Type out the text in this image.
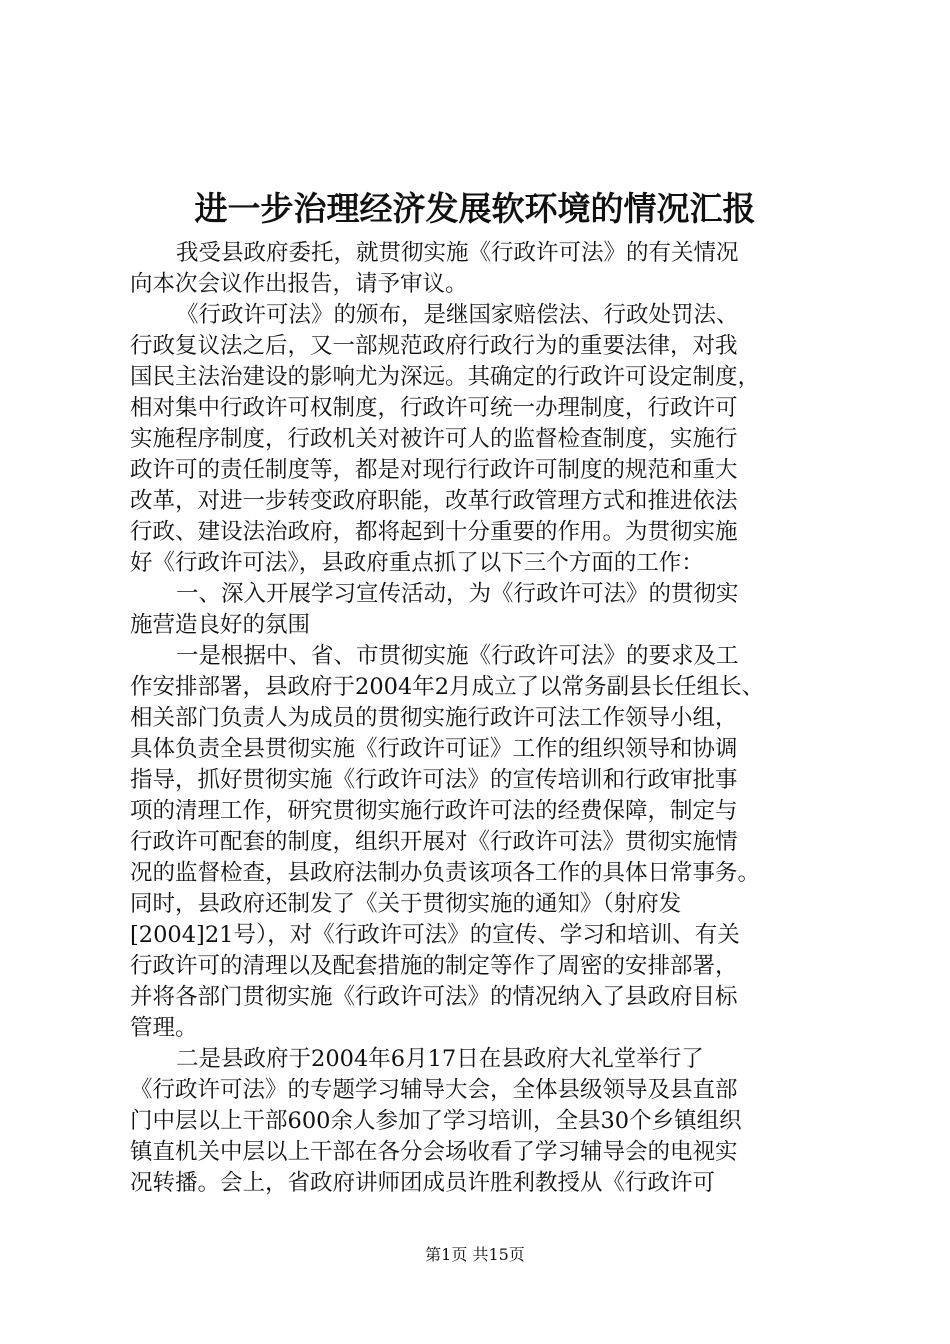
进一步治理经济发展软环境的情况汇报
我受县政府委托，就贯彻实施《行政许可法》的有关情况
向本次会议作出报告，请予审议。
《行政许可法》的颁布，是继国家赔偿法、行政处罚法、
行政复议法之后，又一部规范政府行政行为的重要法律，对我
国民主法治建设的影响尤为深远。其确定的行政许可设定制度，
相对集中行政许可权制度，行政许可统一办理制度，行政许可
实施程序制度，行政机关对被许可人的监督检查制度，实施行
政许可的责任制度等，都是对现行行政许可制度的规范和重大
改革，对进一步转变政府职能，改革行政管理方式和推进依法
行政、建设法治政府，都将起到十分重要的作用。为贯彻实施
好《行政许可法》，县政府重点抓了以下三个方面的工作：
一、深入开展学习宣传活动，为《行政许可法》的贯彻实
施营造良好的氛围
一是根据中、省、市贯彻实施《行政许可法》的要求及工
作安排部署，县政府于2004年2月成立了以常务副县长任组长、
相关部门负责人为成员的贯彻实施行政许可法工作领导小组，
具体负责全县贯彻实施《行政许可证》工作的组织领导和协调
指导，抓好贯彻实施《行政许可法》的宣传培训和行政审批事
项的清理工作，研究贯彻实施行政许可法的经费保障，制定与
行政许可配套的制度，组织开展对《行政许可法》贯彻实施情
况的监督检查，县政府法制办负责该项各工作的具体日常事务。
同时，县政府还制发了《关于贯彻实施的通知》（射府发
[2004]21号），对《行政许可法》的宣传、学习和培训、有关
行政许可的清理以及配套措施的制定等作了周密的安排部署，
并将各部门贯彻实施《行政许可法》的情况纳入了县政府目标
管理。
二是县政府于2004年6月17日在县政府大礼堂举行了
《行政许可法》的专题学习辅导大会，全体县级领导及县直部
门中层以上干部600余人参加了学习培训，全县30个乡镇组织
镇直机关中层以上干部在各分会场收看了学习辅导会的电视实
况转播。会上，省政府讲师团成员许胜利教授从《行政许可
第1页 共15页
